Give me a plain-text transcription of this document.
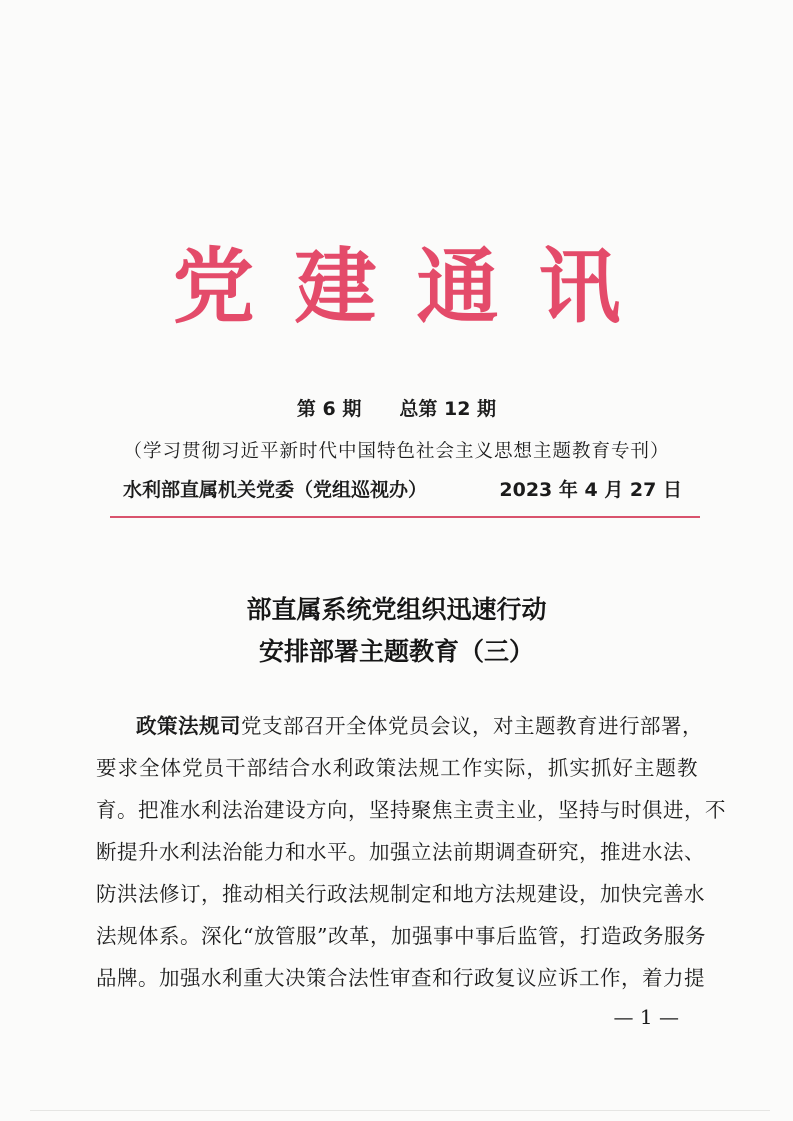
党建通讯
第 6 期　　 总第 12 期
（学习贯彻习近平新时代中国特色社会主义思想主题教育专刊）
水利部直属机关党委（党组巡视办）	2023 年 4 月 27 日
部直属系统党组织迅速行动
安排部署主题教育（三）
政策法规司党支部召开全体党员会议，对主题教育进行部署，
要求全体党员干部结合水利政策法规工作实际，抓实抓好主题教
育。把准水利法治建设方向，坚持聚焦主责主业，坚持与时俱进，不
断提升水利法治能力和水平。加强立法前期调查研究，推进水法、
防洪法修订，推动相关行政法规制定和地方法规建设，加快完善水
法规体系。深化“放管服”改革，加强事中事后监管，打造政务服务
品牌。加强水利重大决策合法性审查和行政复议应诉工作，着力提
— 1 —
